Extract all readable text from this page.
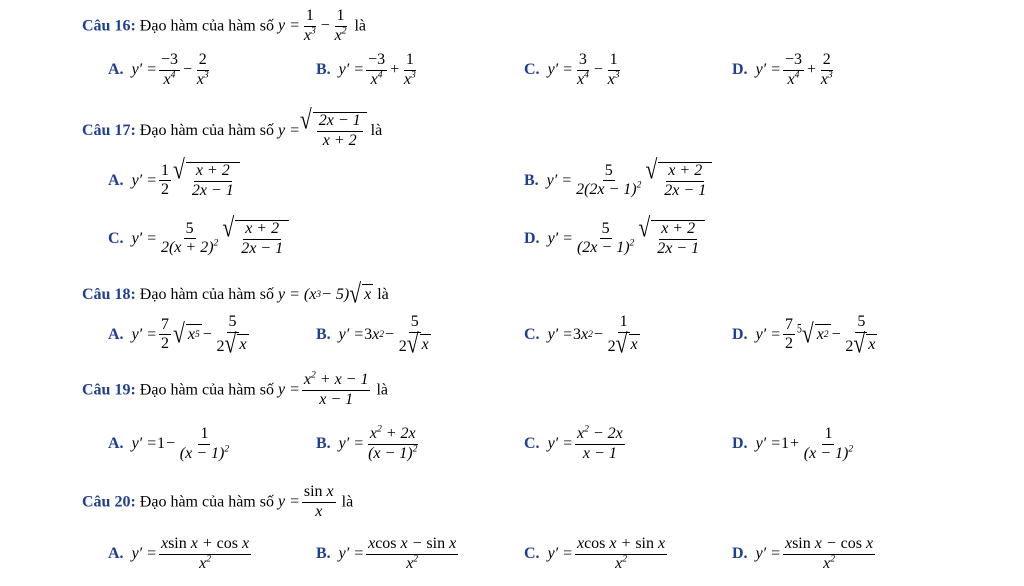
Câu 16: Đạo hàm của hàm số $y = \frac{1}{x^3} - \frac{1}{x^2}$ là
A. $y' = \frac{-3}{x^4} - \frac{2}{x^3}$	B. $y' = \frac{-3}{x^4} + \frac{1}{x^3}$	C. $y' = \frac{3}{x^4} - \frac{1}{x^3}$	D. $y' = \frac{-3}{x^4} + \frac{2}{x^3}$
Câu 17: Đạo hàm của hàm số y = √ $\frac{2x - 1}{x + 2}$ là
A. $y' = \frac{1}{2}$ √ $\frac{x + 2}{2x - 1}$	B. $y' = \frac{5}{2(2x - 1)^2}$ √ $\frac{x + 2}{2x - 1}$
C. $y' = \frac{5}{2(x + 2)^2}$ √ $\frac{x + 2}{2x - 1}$	D. $y' = \frac{5}{(2x - 1)^2}$ √ $\frac{x + 2}{2x - 1}$
Câu 18: Đạo hàm của hàm số y = (x 3 − 5) √ x là
A. $y' = \frac{7}{2}$ √ x $5 - \frac{5}{2 √ x}$	B. y′ = 3 x $2 - \frac{5}{2 √ x}$	C. y′ = 3 x $2 - \frac{1}{2 √ x}$	D. $y' = \frac{7}{2} ^5√$ x $2 - \frac{5}{2 √ x}$
Câu 19: Đạo hàm của hàm số $y = \frac{x^2 + x - 1}{x - 1}$ là
A. $y' = 1 - \frac{1}{(x - 1)^2}$	B. $y' = \frac{x^2 + 2x}{(x - 1)^2}$	C. $y' = \frac{x^2 - 2x}{x - 1}$	D. $y' = 1 + \frac{1}{(x - 1)^2}$
Câu 20: Đạo hàm của hàm số $y = \frac{\text{sin x}}{x}$ là
A. $y' = \frac{\text{xsin x + cos x}}{x^2}$	B. $y' = \frac{\text{xcos x − sin x}}{x^2}$	C. $y' = \frac{\text{xcos x + sin x}}{x^2}$	D. $y' = \frac{\text{xsin x − cos x}}{x^2}$
